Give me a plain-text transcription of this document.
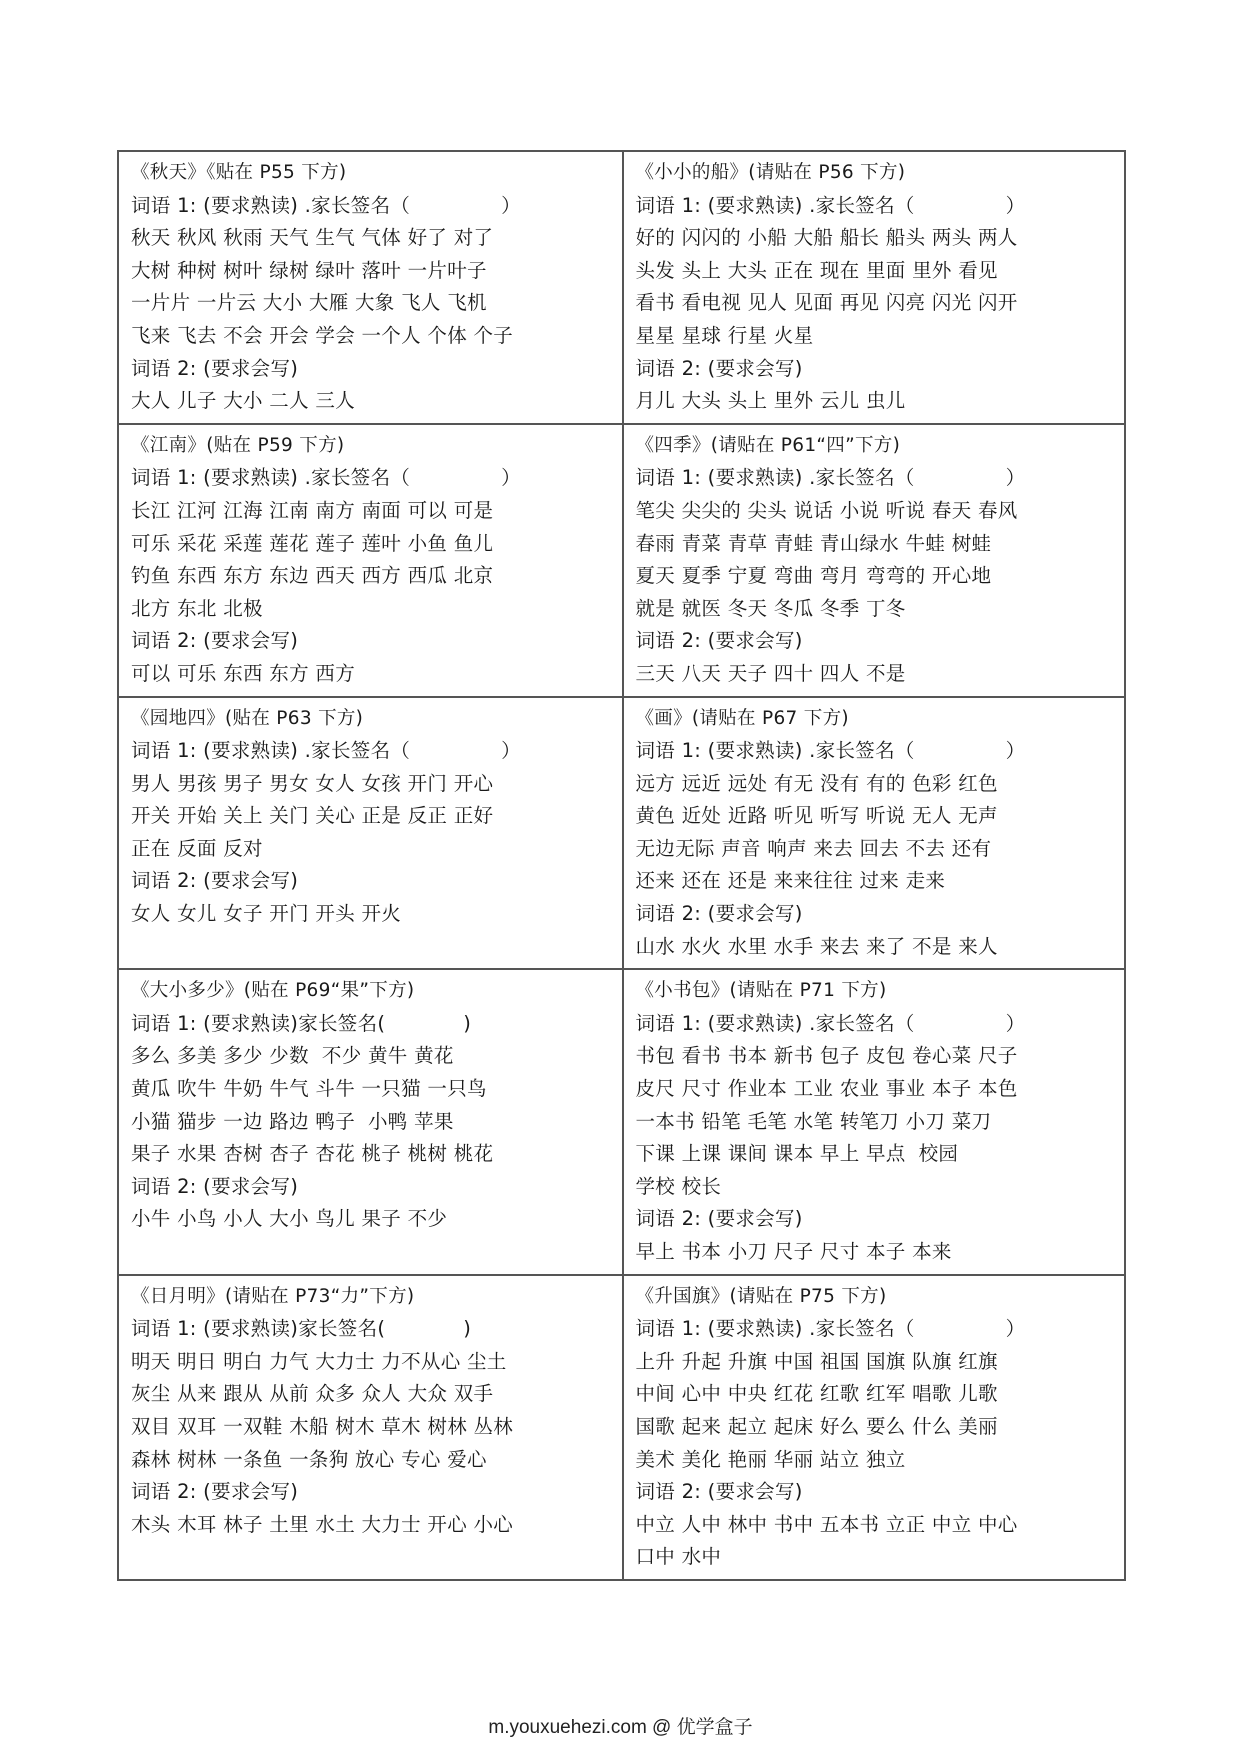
《秋天》《贴在 P55 下方)
词语 1: (要求熟读) .家长签名（              ）
秋天 秋风 秋雨 天气 生气 气体 好了 对了
大树 种树 树叶 绿树 绿叶 落叶 一片叶子
一片片 一片云 大小 大雁 大象 飞人 飞机
飞来 飞去 不会 开会 学会 一个人 个体 个子
词语 2: (要求会写)
大人 儿子 大小 二人 三人
《小小的船》(请贴在 P56 下方)
词语 1: (要求熟读) .家长签名（              ）
好的 闪闪的 小船 大船 船长 船头 两头 两人
头发 头上 大头 正在 现在 里面 里外 看见
看书 看电视 见人 见面 再见 闪亮 闪光 闪开
星星 星球 行星 火星
词语 2: (要求会写)
月儿 大头 头上 里外 云儿 虫儿
《江南》(贴在 P59 下方)
词语 1: (要求熟读) .家长签名（              ）
长江 江河 江海 江南 南方 南面 可以 可是
可乐 采花 采莲 莲花 莲子 莲叶 小鱼 鱼儿
钓鱼 东西 东方 东边 西天 西方 西瓜 北京
北方 东北 北极
词语 2: (要求会写)
可以 可乐 东西 东方 西方
《四季》(请贴在 P61“四”下方)
词语 1: (要求熟读) .家长签名（              ）
笔尖 尖尖的 尖头 说话 小说 听说 春天 春风
春雨 青菜 青草 青蛙 青山绿水 牛蛙 树蛙
夏天 夏季 宁夏 弯曲 弯月 弯弯的 开心地
就是 就医 冬天 冬瓜 冬季 丁冬
词语 2: (要求会写)
三天 八天 天子 四十 四人 不是
《园地四》(贴在 P63 下方)
词语 1: (要求熟读) .家长签名（              ）
男人 男孩 男子 男女 女人 女孩 开门 开心
开关 开始 关上 关门 关心 正是 反正 正好
正在 反面 反对
词语 2: (要求会写)
女人 女儿 女子 开门 开头 开火
《画》(请贴在 P67 下方)
词语 1: (要求熟读) .家长签名（              ）
远方 远近 远处 有无 没有 有的 色彩 红色
黄色 近处 近路 听见 听写 听说 无人 无声
无边无际 声音 响声 来去 回去 不去 还有
还来 还在 还是 来来往往 过来 走来
词语 2: (要求会写)
山水 水火 水里 水手 来去 来了 不是 来人
《大小多少》(贴在 P69“果”下方)
词语 1: (要求熟读)家长签名(            )
多么 多美 多少 少数  不少 黄牛 黄花
黄瓜 吹牛 牛奶 牛气 斗牛 一只猫 一只鸟
小猫 猫步 一边 路边 鸭子  小鸭 苹果
果子 水果 杏树 杏子 杏花 桃子 桃树 桃花
词语 2: (要求会写)
小牛 小鸟 小人 大小 鸟儿 果子 不少
《小书包》(请贴在 P71 下方)
词语 1: (要求熟读) .家长签名（              ）
书包 看书 书本 新书 包子 皮包 卷心菜 尺子
皮尺 尺寸 作业本 工业 农业 事业 本子 本色
一本书 铅笔 毛笔 水笔 转笔刀 小刀 菜刀
下课 上课 课间 课本 早上 早点  校园
学校 校长
词语 2: (要求会写)
早上 书本 小刀 尺子 尺寸 本子 本来
《日月明》(请贴在 P73“力”下方)
词语 1: (要求熟读)家长签名(            )
明天 明日 明白 力气 大力士 力不从心 尘土
灰尘 从来 跟从 从前 众多 众人 大众 双手
双目 双耳 一双鞋 木船 树木 草木 树林 丛林
森林 树林 一条鱼 一条狗 放心 专心 爱心
词语 2: (要求会写)
木头 木耳 林子 土里 水土 大力士 开心 小心
《升国旗》(请贴在 P75 下方)
词语 1: (要求熟读) .家长签名（              ）
上升 升起 升旗 中国 祖国 国旗 队旗 红旗
中间 心中 中央 红花 红歌 红军 唱歌 儿歌
国歌 起来 起立 起床 好么 要么 什么 美丽
美术 美化 艳丽 华丽 站立 独立
词语 2: (要求会写)
中立 人中 林中 书中 五本书 立正 中立 中心
口中 水中
m.youxuehezi.com @ 优学盒子
